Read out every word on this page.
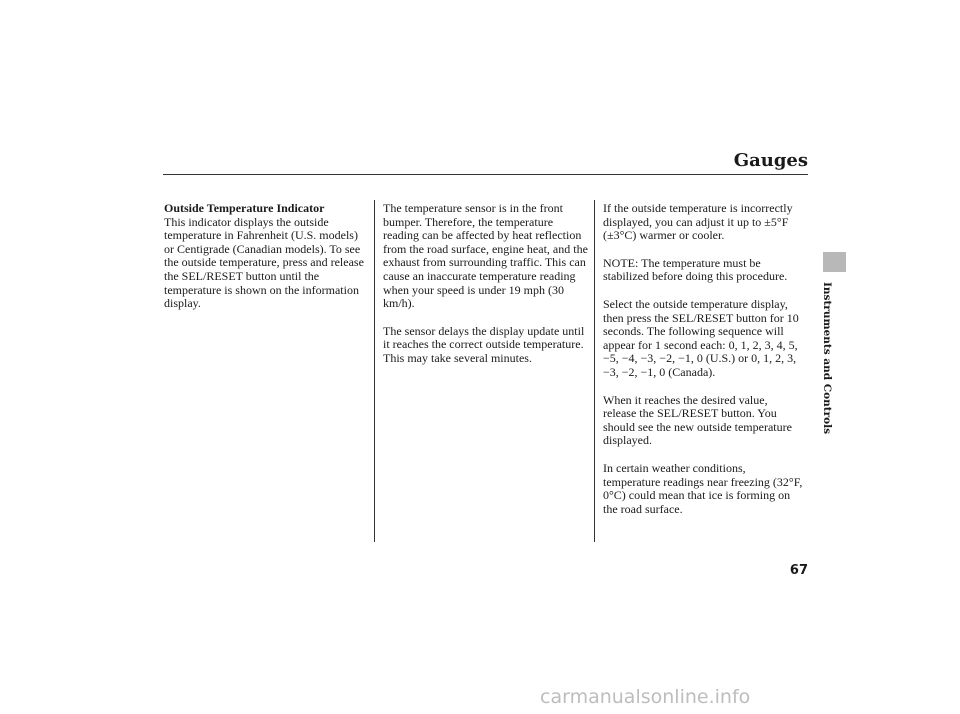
Gauges

Outside Temperature Indicator
This indicator displays the outside temperature in Fahrenheit (U.S. models) or Centigrade (Canadian models). To see the outside temperature, press and release the SEL/RESET button until the temperature is shown on the information display.

The temperature sensor is in the front bumper. Therefore, the temperature reading can be affected by heat reflection from the road surface, engine heat, and the exhaust from surrounding traffic. This can cause an inaccurate temperature reading when your speed is under 19 mph (30 km/h).

The sensor delays the display update until it reaches the correct outside temperature. This may take several minutes.

If the outside temperature is incorrectly displayed, you can adjust it up to ±5°F (±3°C) warmer or cooler.

NOTE: The temperature must be stabilized before doing this procedure.

Select the outside temperature display, then press the SEL/RESET button for 10 seconds. The following sequence will appear for 1 second each: 0, 1, 2, 3, 4, 5, −5, −4, −3, −2, −1, 0 (U.S.) or 0, 1, 2, 3, −3, −2, −1, 0 (Canada).

When it reaches the desired value, release the SEL/RESET button. You should see the new outside temperature displayed.

In certain weather conditions, temperature readings near freezing (32°F, 0°C) could mean that ice is forming on the road surface.

Instruments and Controls
67
carmanualsonline.info
